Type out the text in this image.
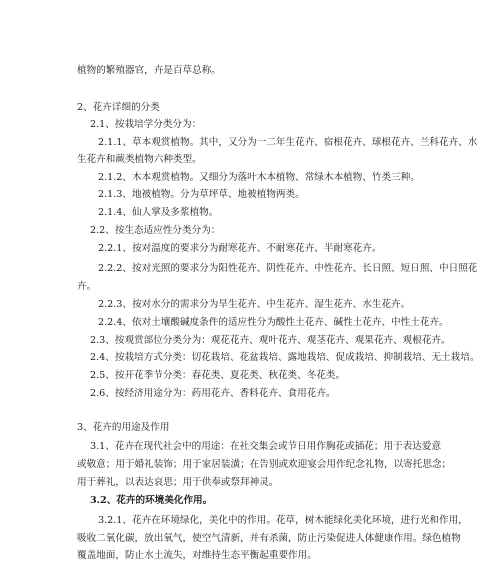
植物的繁殖器官，卉是百草总称。
2、花卉详细的分类
2.1、按栽培学分类分为：
2.1.1、草本观赏植物。其中，又分为一二年生花卉、宿根花卉、球根花卉、兰科花卉、水
生花卉和蕨类植物六种类型。
2.1.2、木本观赏植物。又细分为落叶木本植物、常绿木本植物、竹类三种。
2.1.3、地被植物。分为草坪草、地被植物两类。
2.1.4、仙人掌及多浆植物。
2.2、按生态适应性分类分为：
2.2.1、按对温度的要求分为耐寒花卉、不耐寒花卉、半耐寒花卉。
2.2.2、按对光照的要求分为阳性花卉、阴性花卉、中性花卉、长日照、短日照、中日照花
卉。
2.2.3、按对水分的需求分为旱生花卉、中生花卉、湿生花卉、水生花卉。
2.2.4、依对土壤酸碱度条件的适应性分为酸性土花卉、碱性土花卉、中性土花卉。
2.3、按观赏部位分类分为：观花花卉、观叶花卉、观茎花卉、观果花卉、观根花卉。
2.4、按栽培方式分类：切花栽培、花盆栽培、露地栽培、促成栽培、抑制栽培、无土栽培。
2.5、按开花季节分类：春花类、夏花类、秋花类、冬花类。
2.6、按经济用途分为：药用花卉、香料花卉、食用花卉。
3、花卉的用途及作用
3.1、花卉在现代社会中的用途：在社交集会或节日用作胸花或插花；用于表达爱意
或敬意；用于婚礼装饰；用于家居装潢；在告别或欢迎宴会用作纪念礼物，以寄托思念；
用于葬礼，以表达哀思；用于供奉或祭拜神灵。
3.2、花卉的环境美化作用。
3.2.1、花卉在环境绿化，美化中的作用。花草，树木能绿化美化环境，进行光和作用，
吸收二氧化碳，放出氧气，使空气清新，并有杀菌，防止污染促进人体健康作用。绿色植物
覆盖地面，防止水土流失，对维持生态平衡起重要作用。
